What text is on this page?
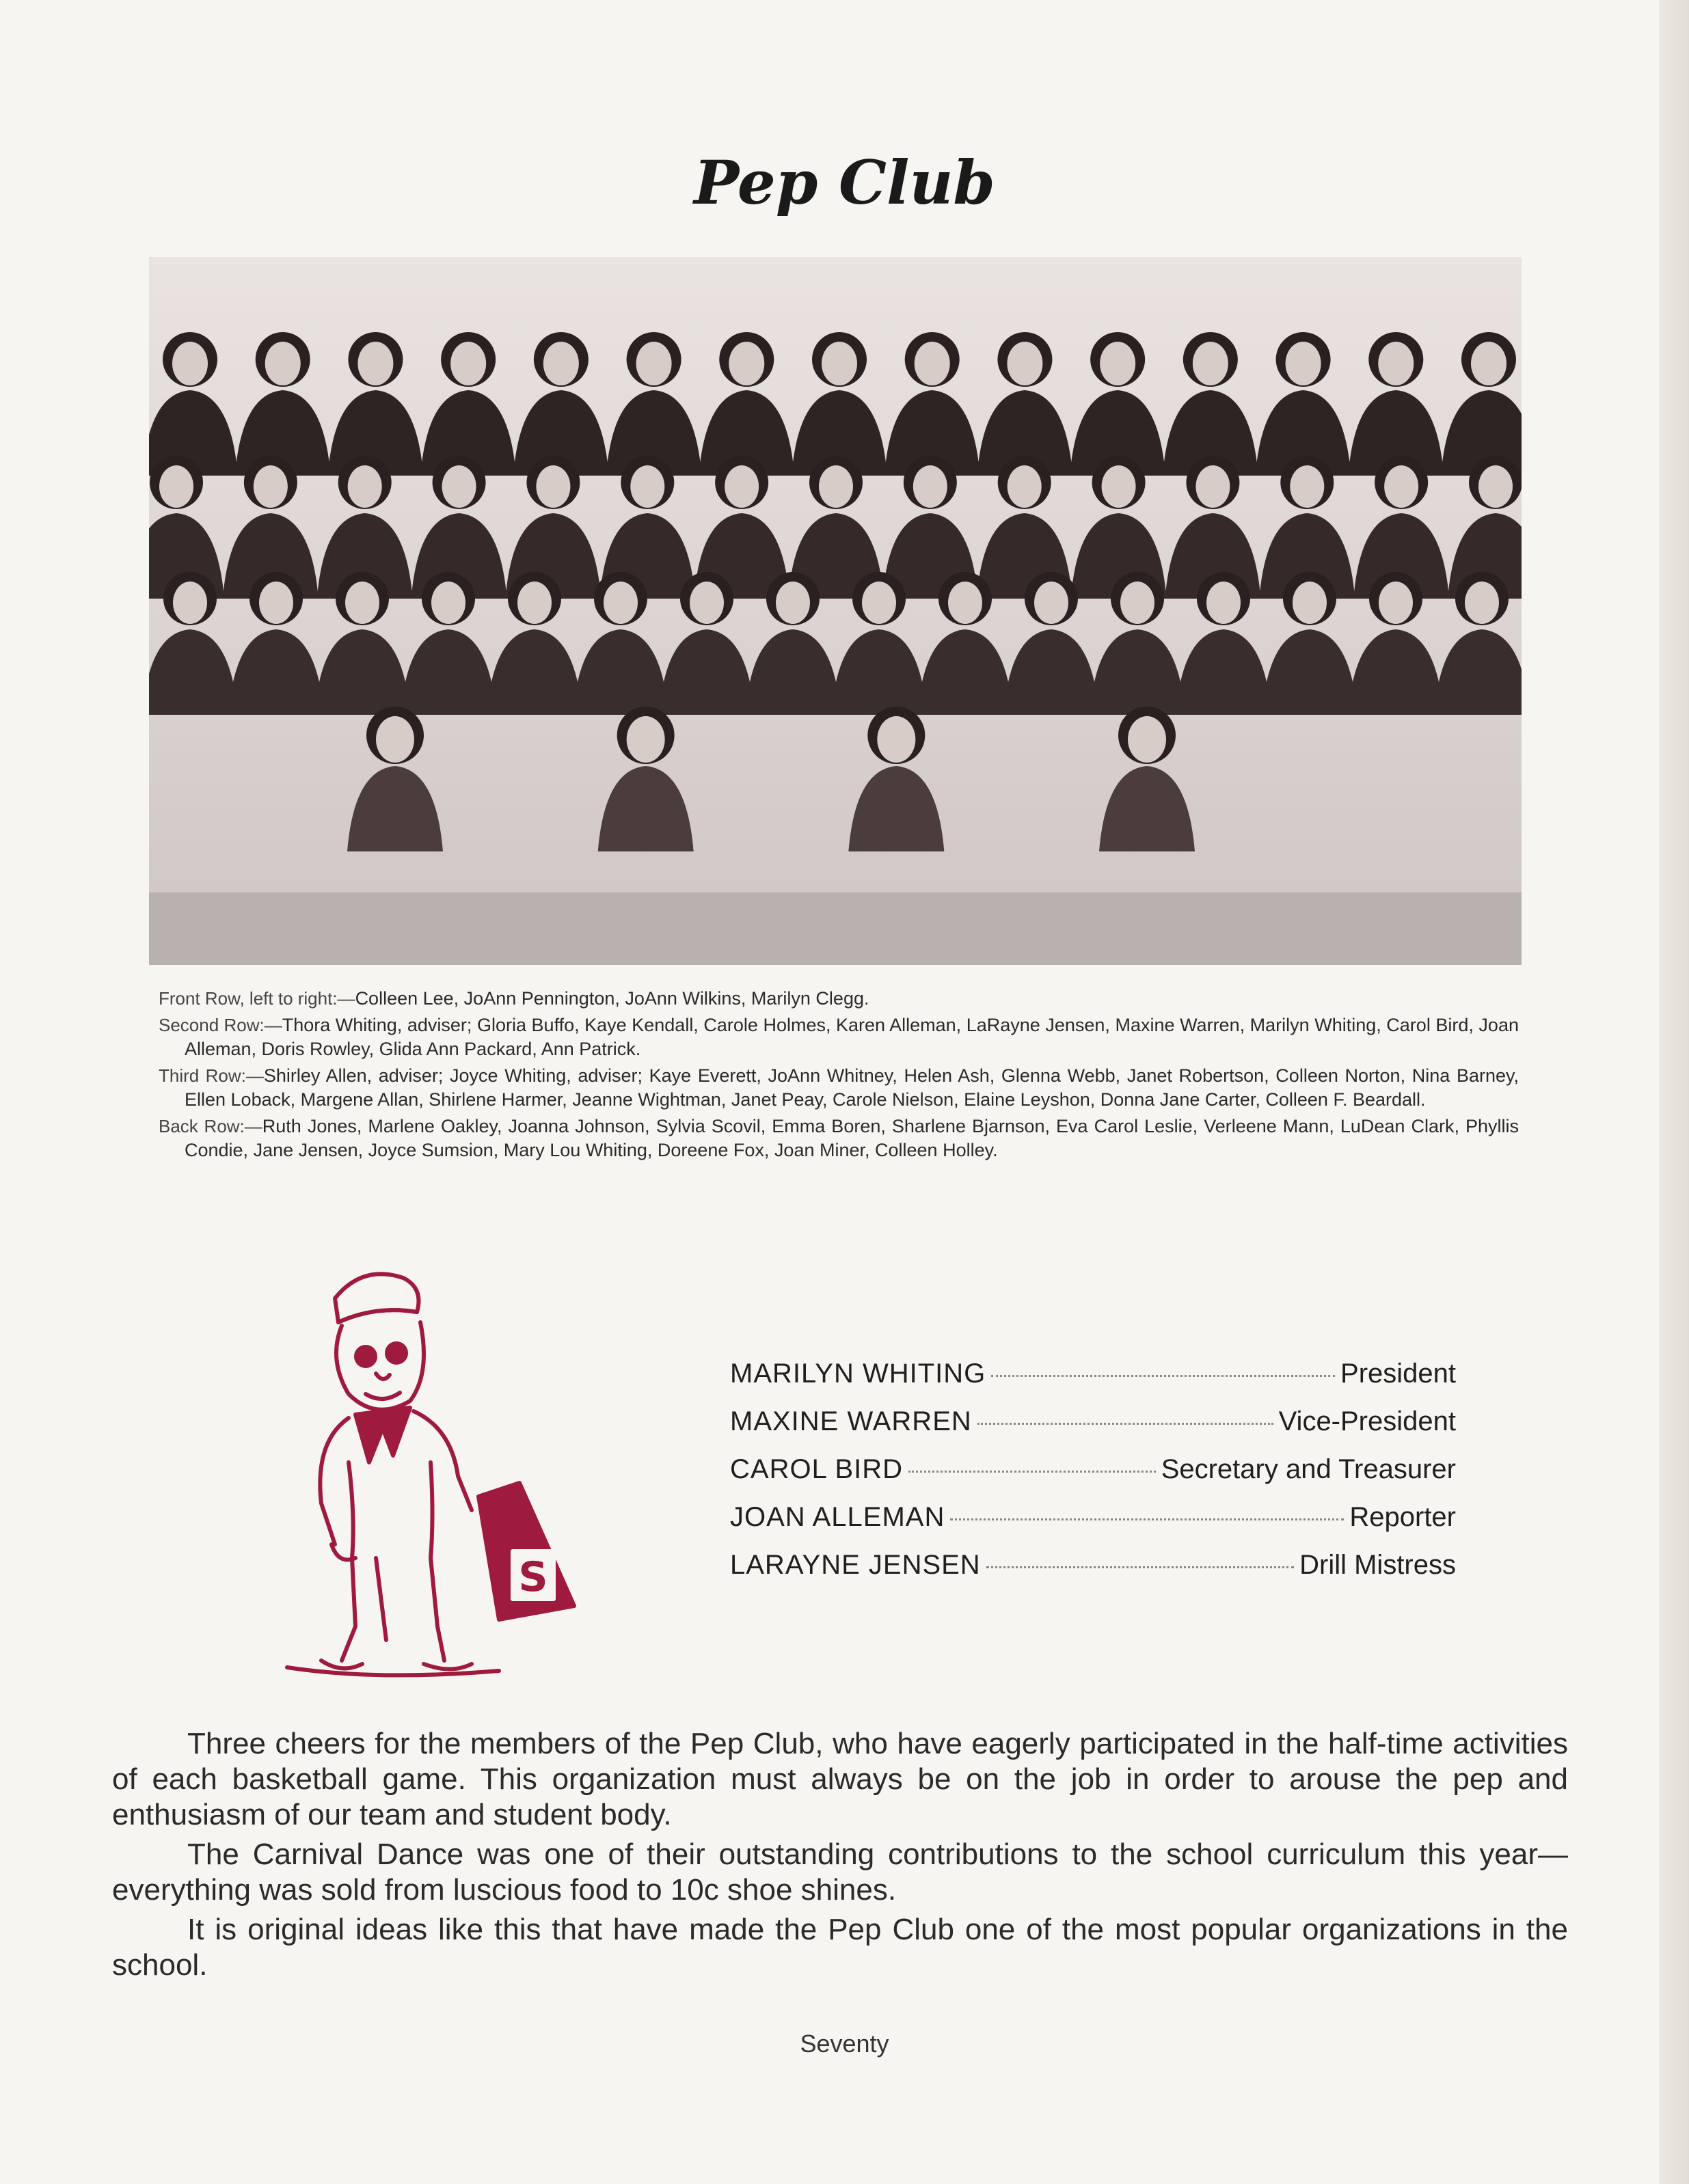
Pep Club

Front Row, left to right:—Colleen Lee, JoAnn Pennington, JoAnn Wilkins, Marilyn Clegg.

Second Row:—Thora Whiting, adviser; Gloria Buffo, Kaye Kendall, Carole Holmes, Karen Alleman, LaRayne Jensen, Maxine Warren, Marilyn Whiting, Carol Bird, Joan Alleman, Doris Rowley, Glida Ann Packard, Ann Patrick.

Third Row:—Shirley Allen, adviser; Joyce Whiting, adviser; Kaye Everett, JoAnn Whitney, Helen Ash, Glenna Webb, Janet Robertson, Colleen Norton, Nina Barney, Ellen Loback, Margene Allan, Shirlene Harmer, Jeanne Wightman, Janet Peay, Carole Nielson, Elaine Leyshon, Donna Jane Carter, Colleen F. Beardall.

Back Row:—Ruth Jones, Marlene Oakley, Joanna Johnson, Sylvia Scovil, Emma Boren, Sharlene Bjarnson, Eva Carol Leslie, Verleene Mann, LuDean Clark, Phyllis Condie, Jane Jensen, Joyce Sumsion, Mary Lou Whiting, Doreene Fox, Joan Miner, Colleen Holley.

S
MARILYN WHITING	President
MAXINE WARREN	Vice-President
CAROL BIRD	Secretary and Treasurer
JOAN ALLEMAN	Reporter
LARAYNE JENSEN	Drill Mistress

Three cheers for the members of the Pep Club, who have eagerly participated in the half-time activities of each basketball game. This organization must always be on the job in order to arouse the pep and enthusiasm of our team and student body.

The Carnival Dance was one of their outstanding contributions to the school curriculum this year—everything was sold from luscious food to 10c shoe shines.

It is original ideas like this that have made the Pep Club one of the most popular organizations in the school.

Seventy
